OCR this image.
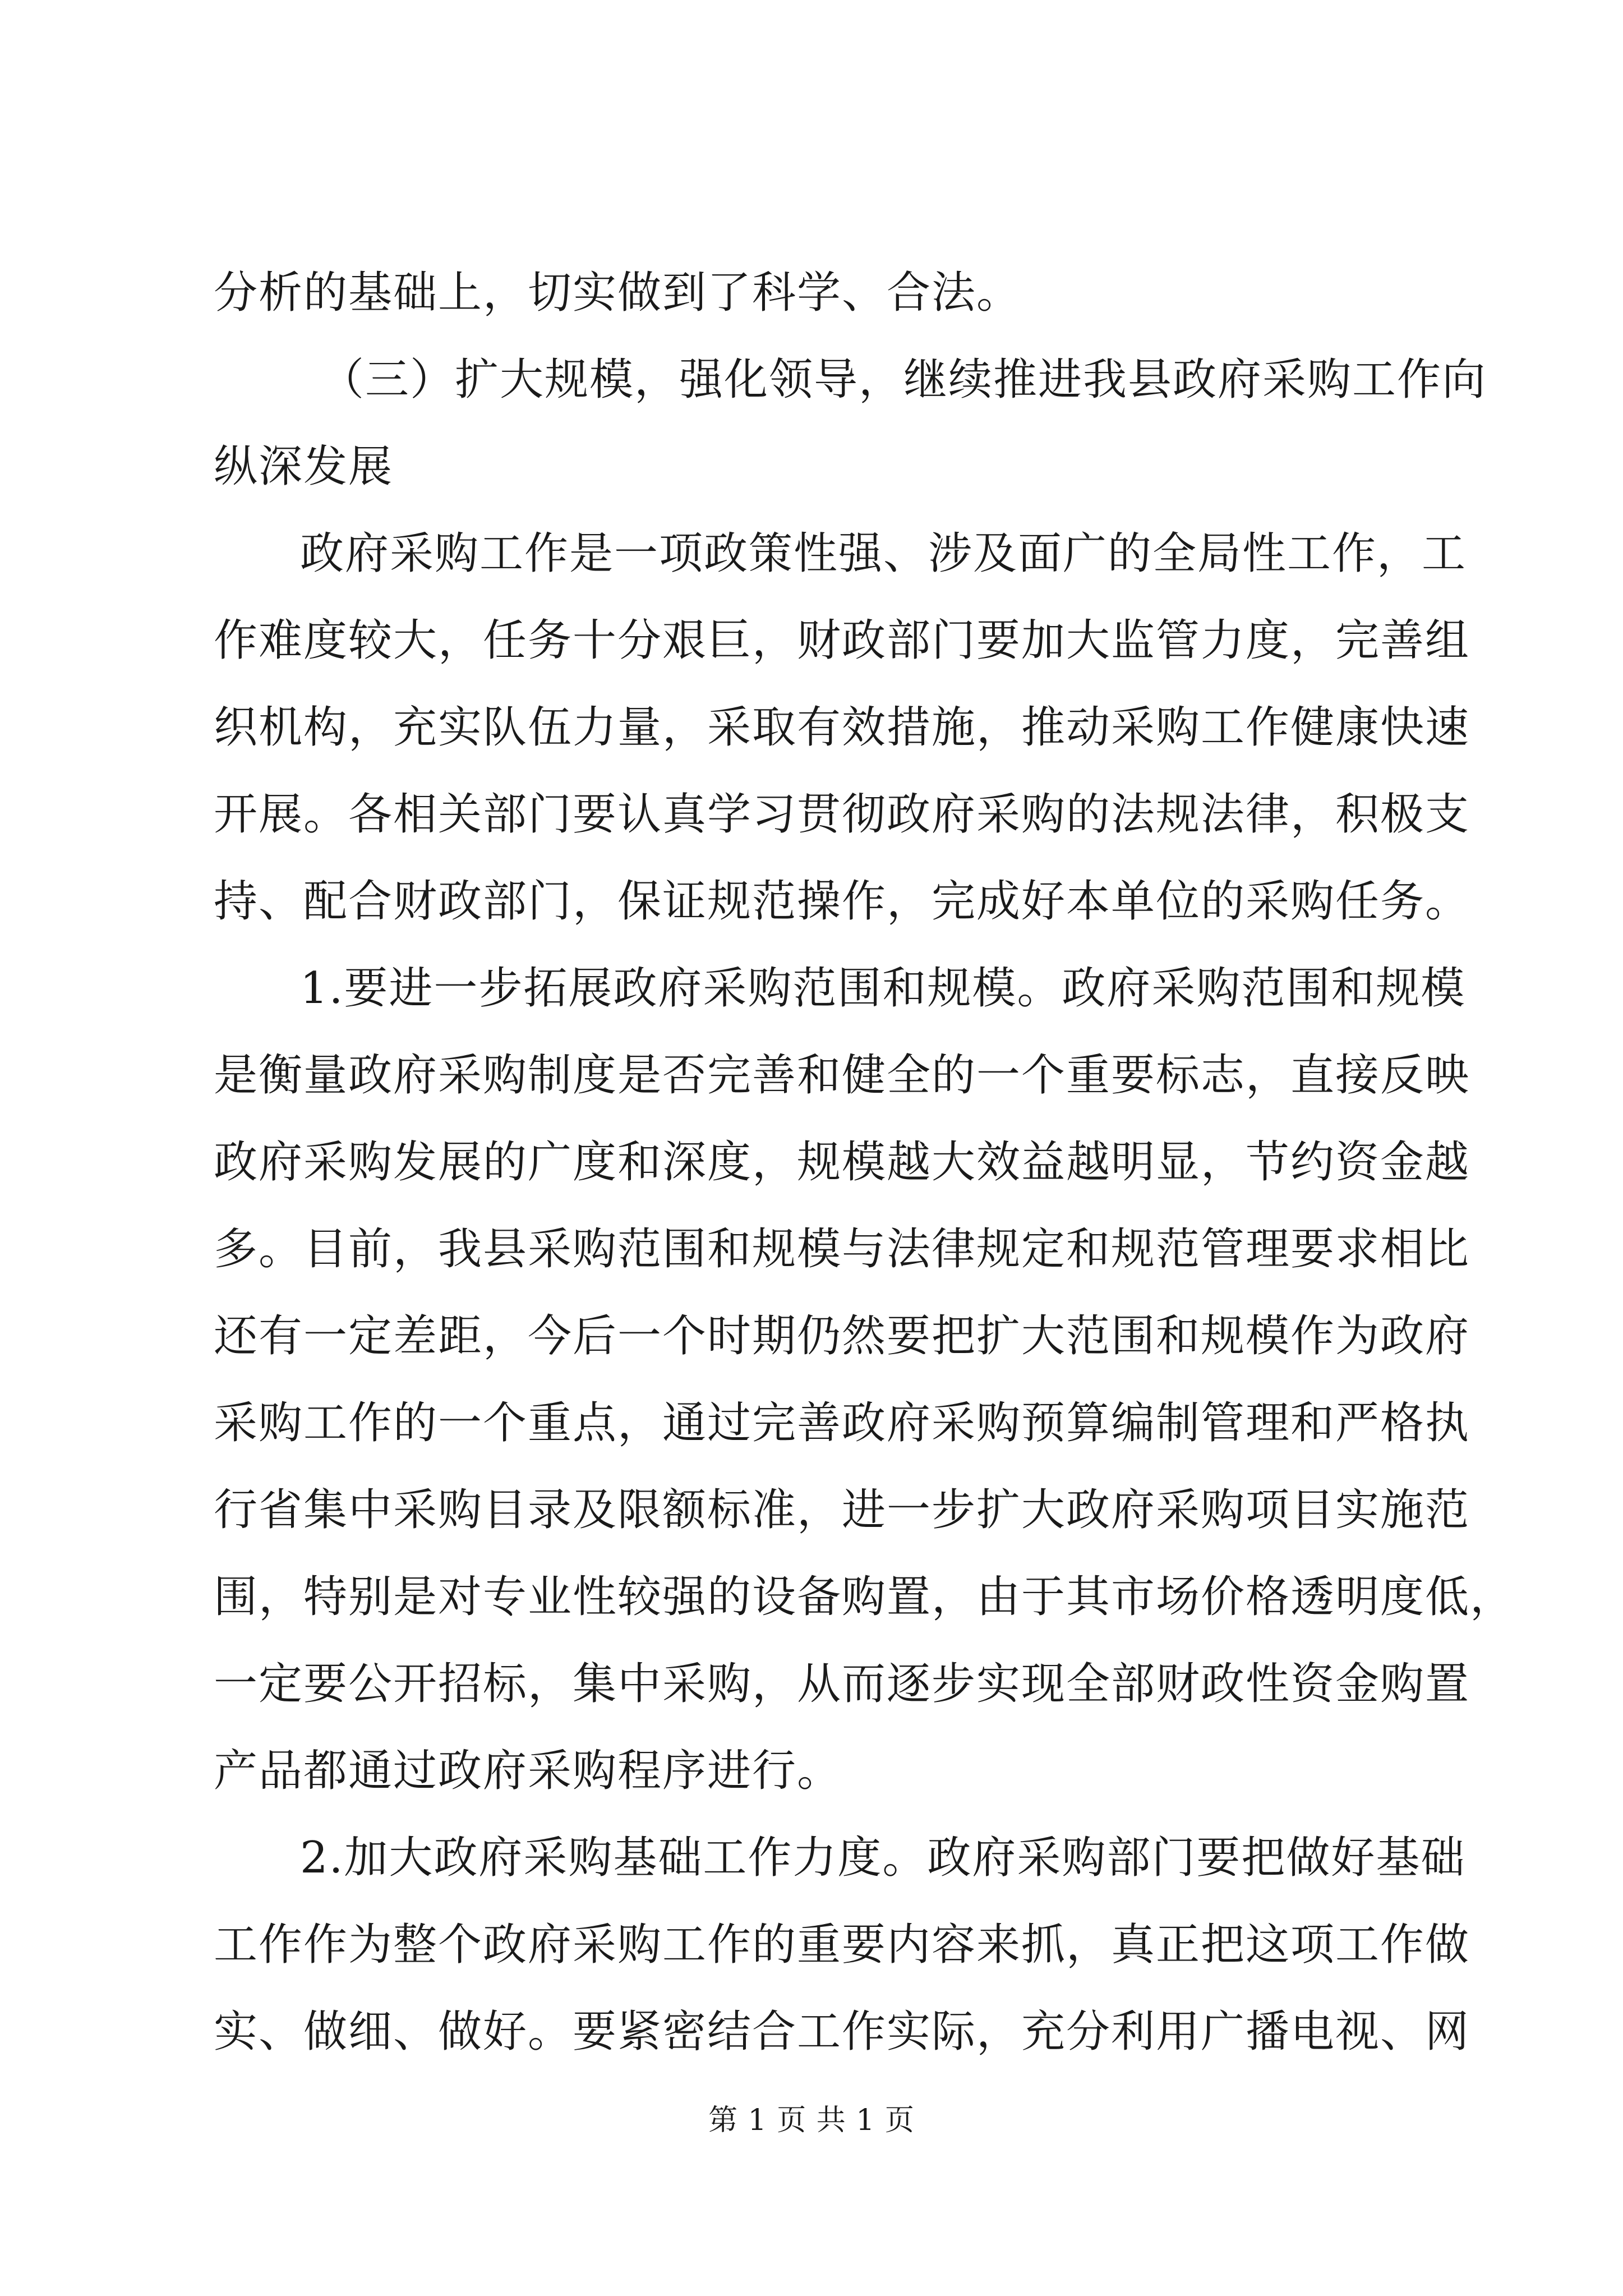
分析的基础上，切实做到了科学、合法。
（三）扩大规模，强化领导，继续推进我县政府采购工作向
纵深发展
政府采购工作是一项政策性强、涉及面广的全局性工作，工
作难度较大，任务十分艰巨，财政部门要加大监管力度，完善组
织机构，充实队伍力量，采取有效措施，推动采购工作健康快速
开展。各相关部门要认真学习贯彻政府采购的法规法律，积极支
持、配合财政部门，保证规范操作，完成好本单位的采购任务。
1.要进一步拓展政府采购范围和规模。政府采购范围和规模
是衡量政府采购制度是否完善和健全的一个重要标志，直接反映
政府采购发展的广度和深度，规模越大效益越明显，节约资金越
多。目前，我县采购范围和规模与法律规定和规范管理要求相比
还有一定差距，今后一个时期仍然要把扩大范围和规模作为政府
采购工作的一个重点，通过完善政府采购预算编制管理和严格执
行省集中采购目录及限额标准，进一步扩大政府采购项目实施范
围，特别是对专业性较强的设备购置，由于其市场价格透明度低，
一定要公开招标，集中采购，从而逐步实现全部财政性资金购置
产品都通过政府采购程序进行。
2.加大政府采购基础工作力度。政府采购部门要把做好基础
工作作为整个政府采购工作的重要内容来抓，真正把这项工作做
实、做细、做好。要紧密结合工作实际，充分利用广播电视、网
第 1 页 共 1 页
